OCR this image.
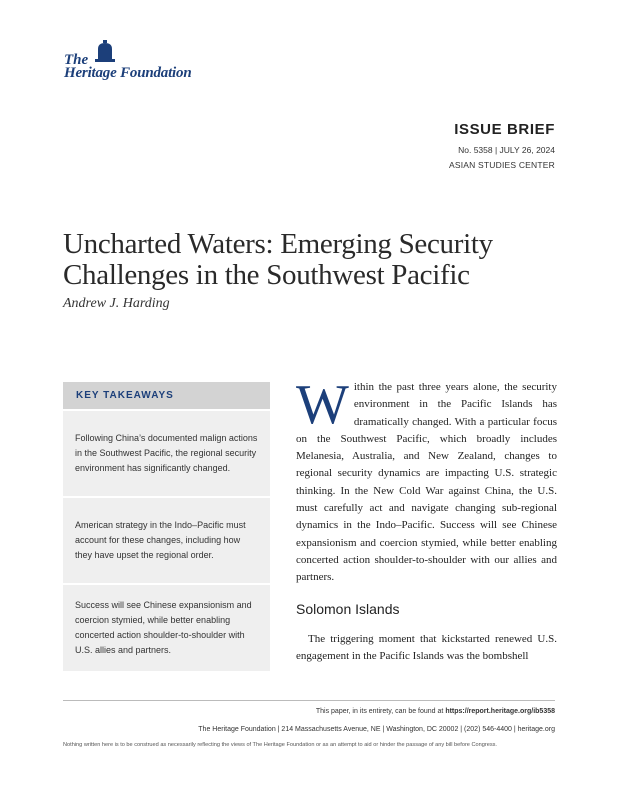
The
Heritage Foundation
ISSUE BRIEF
No. 5358 | JULY 26, 2024
ASIAN STUDIES CENTER
Uncharted Waters: Emerging Security Challenges in the Southwest Pacific
Andrew J. Harding
KEY TAKEAWAYS
Following China’s documented malign actions in the Southwest Pacific, the regional security environment has significantly changed.
American strategy in the Indo–Pacific must account for these changes, including how they have upset the regional order.
Success will see Chinese expansionism and coercion stymied, while better enabling concerted action shoulder-to-shoulder with U.S. allies and partners.

Within the past three years alone, the security environment in the Pacific Islands has dramatically changed. With a particular focus on the Southwest Pacific, which broadly includes Melanesia, Australia, and New Zealand, changes to regional security dynamics are impacting U.S. strategic thinking. In the New Cold War against China, the U.S. must carefully act and navigate changing sub-regional dynamics in the Indo–Pacific. Success will see Chinese expansionism and coercion stymied, while better enabling concerted action shoulder-to-shoulder with our allies and partners.

Solomon Islands

The triggering moment that kickstarted renewed U.S. engagement in the Pacific Islands was the bombshell

This paper, in its entirety, can be found at https://report.heritage.org/ib5358
The Heritage Foundation | 214 Massachusetts Avenue, NE | Washington, DC 20002 | (202) 546-4400 | heritage.org
Nothing written here is to be construed as necessarily reflecting the views of The Heritage Foundation or as an attempt to aid or hinder the passage of any bill before Congress.
